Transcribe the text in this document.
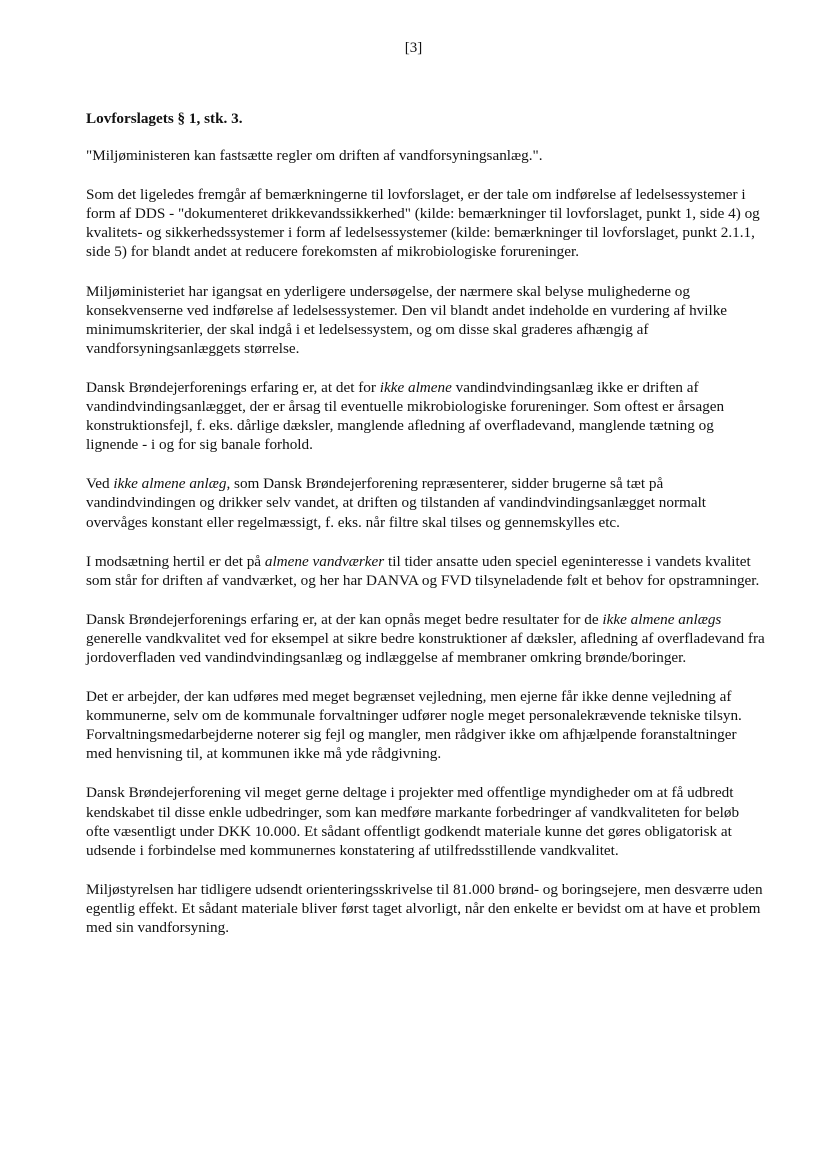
[3]
Lovforslagets § 1, stk. 3.

"Miljøministeren kan fastsætte regler om driften af vandforsyningsanlæg.".

Som det ligeledes fremgår af bemærkningerne til lovforslaget, er der tale om indførelse af ledelsessystemer i form af DDS - "dokumenteret drikkevandssikkerhed" (kilde: bemærkninger til lovforslaget, punkt 1, side 4) og kvalitets- og sikkerhedssystemer i form af ledelsessystemer (kilde: bemærkninger til lovforslaget, punkt 2.1.1, side 5) for blandt andet at reducere forekomsten af mikrobiologiske forureninger.

Miljøministeriet har igangsat en yderligere undersøgelse, der nærmere skal belyse mulighederne og konsekvenserne ved indførelse af ledelsessystemer. Den vil blandt andet indeholde en vurdering af hvilke minimumskriterier, der skal indgå i et ledelsessystem, og om disse skal graderes afhængig af vandforsyningsanlæggets størrelse.

Dansk Brøndejerforenings erfaring er, at det for ikke almene vandindvindingsanlæg ikke er driften af vandindvindingsanlægget, der er årsag til eventuelle mikrobiologiske forureninger. Som oftest er årsagen konstruktionsfejl, f. eks. dårlige dæksler, manglende afledning af overfladevand, manglende tætning og lignende - i og for sig banale forhold.

Ved ikke almene anlæg, som Dansk Brøndejerforening repræsenterer, sidder brugerne så tæt på vandindvindingen og drikker selv vandet, at driften og tilstanden af vandindvindingsanlægget normalt overvåges konstant eller regelmæssigt, f. eks. når filtre skal tilses og gennemskylles etc.

I modsætning hertil er det på almene vandværker til tider ansatte uden speciel egeninteresse i vandets kvalitet som står for driften af vandværket, og her har DANVA og FVD tilsyneladende følt et behov for opstramninger.

Dansk Brøndejerforenings erfaring er, at der kan opnås meget bedre resultater for de ikke almene anlægs generelle vandkvalitet ved for eksempel at sikre bedre konstruktioner af dæksler, afledning af overfladevand fra jordoverfladen ved vandindvindingsanlæg og indlæggelse af membraner omkring brønde/boringer.

Det er arbejder, der kan udføres med meget begrænset vejledning, men ejerne får ikke denne vejledning af kommunerne, selv om de kommunale forvaltninger udfører nogle meget personalekrævende tekniske tilsyn. Forvaltningsmedarbejderne noterer sig fejl og mangler, men rådgiver ikke om afhjælpende foranstaltninger med henvisning til, at kommunen ikke må yde rådgivning.

Dansk Brøndejerforening vil meget gerne deltage i projekter med offentlige myndigheder om at få udbredt kendskabet til disse enkle udbedringer, som kan medføre markante forbedringer af vandkvaliteten for beløb ofte væsentligt under DKK 10.000. Et sådant offentligt godkendt materiale kunne det gøres obligatorisk at udsende i forbindelse med kommunernes konstatering af utilfredsstillende vandkvalitet.

Miljøstyrelsen har tidligere udsendt orienteringsskrivelse til 81.000 brønd- og boringsejere, men desværre uden egentlig effekt. Et sådant materiale bliver først taget alvorligt, når den enkelte er bevidst om at have et problem med sin vandforsyning.
